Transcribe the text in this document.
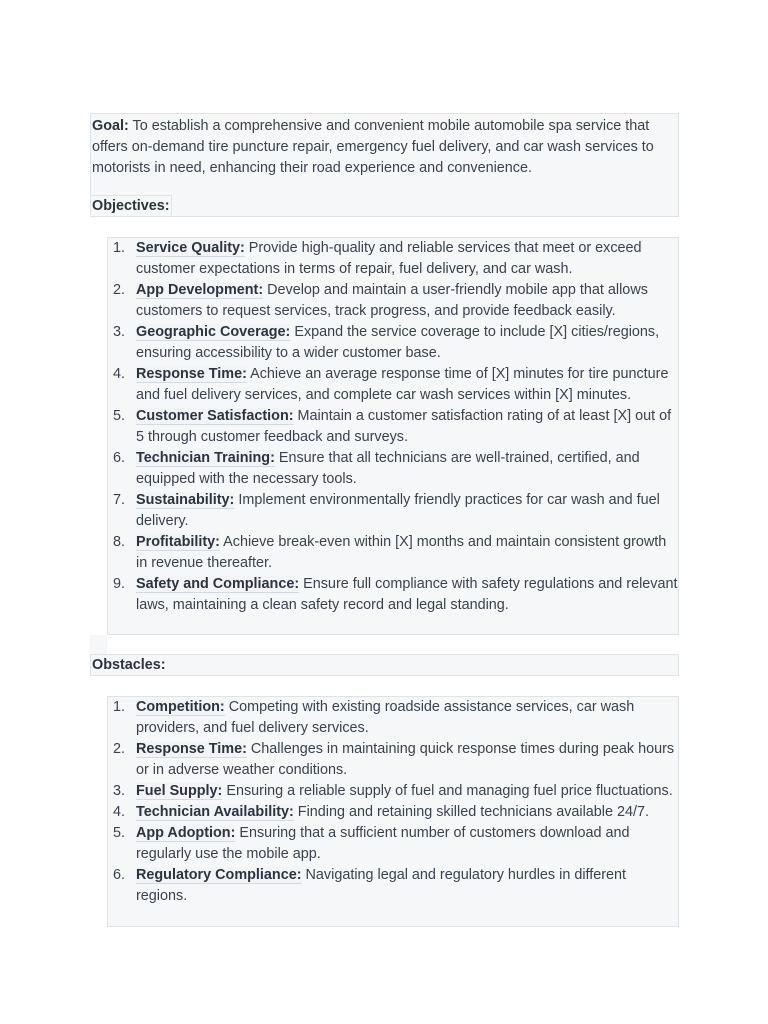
Goal: To establish a comprehensive and convenient mobile automobile spa service that offers on-demand tire puncture repair, emergency fuel delivery, and car wash services to motorists in need, enhancing their road experience and convenience.

Objectives:
1. Service Quality: Provide high-quality and reliable services that meet or exceed customer expectations in terms of repair, fuel delivery, and car wash.
2. App Development: Develop and maintain a user-friendly mobile app that allows customers to request services, track progress, and provide feedback easily.
3. Geographic Coverage: Expand the service coverage to include [X] cities/regions, ensuring accessibility to a wider customer base.
4. Response Time: Achieve an average response time of [X] minutes for tire puncture and fuel delivery services, and complete car wash services within [X] minutes.
5. Customer Satisfaction: Maintain a customer satisfaction rating of at least [X] out of 5 through customer feedback and surveys.
6. Technician Training: Ensure that all technicians are well-trained, certified, and equipped with the necessary tools.
7. Sustainability: Implement environmentally friendly practices for car wash and fuel delivery.
8. Profitability: Achieve break-even within [X] months and maintain consistent growth in revenue thereafter.
9. Safety and Compliance: Ensure full compliance with safety regulations and relevant laws, maintaining a clean safety record and legal standing.
Obstacles:
1. Competition: Competing with existing roadside assistance services, car wash providers, and fuel delivery services.
2. Response Time: Challenges in maintaining quick response times during peak hours or in adverse weather conditions.
3. Fuel Supply: Ensuring a reliable supply of fuel and managing fuel price fluctuations.
4. Technician Availability: Finding and retaining skilled technicians available 24/7.
5. App Adoption: Ensuring that a sufficient number of customers download and regularly use the mobile app.
6. Regulatory Compliance: Navigating legal and regulatory hurdles in different regions.
